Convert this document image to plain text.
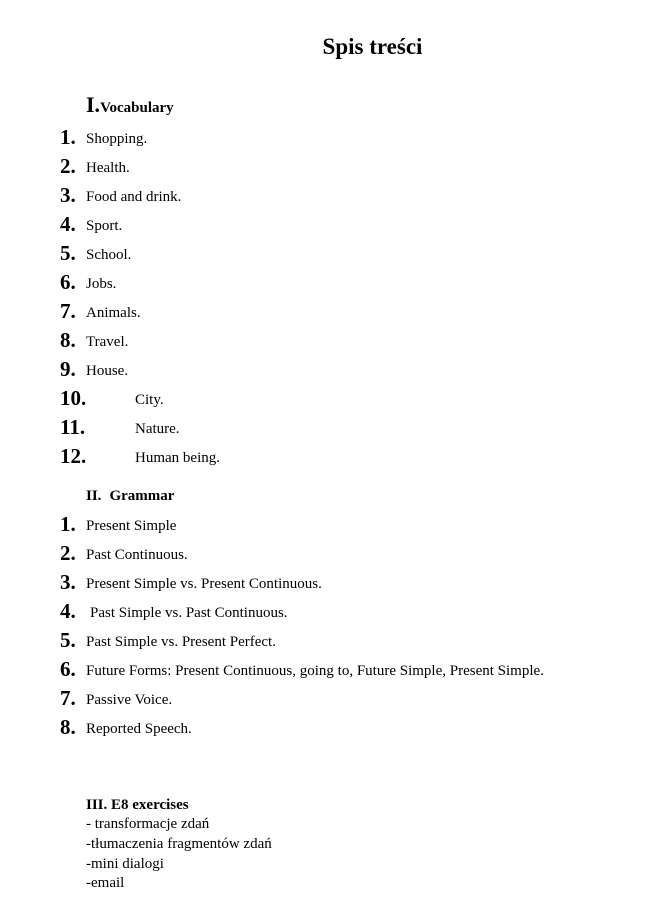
Spis treści
I.Vocabulary
1. Shopping.
2. Health.
3. Food and drink.
4. Sport.
5. School.
6. Jobs.
7. Animals.
8. Travel.
9. House.
10.	City.
11.	Nature.
12.	Human being.
II. Grammar
1. Present Simple
2. Past Continuous.
3. Present Simple vs. Present Continuous.
4. Past Simple vs. Past Continuous.
5. Past Simple vs. Present Perfect.
6. Future Forms: Present Continuous, going to, Future Simple, Present Simple.
7. Passive Voice.
8. Reported Speech.
III. E8 exercises
- transformacje zdań
-tłumaczenia fragmentów zdań
-mini dialogi
-email
